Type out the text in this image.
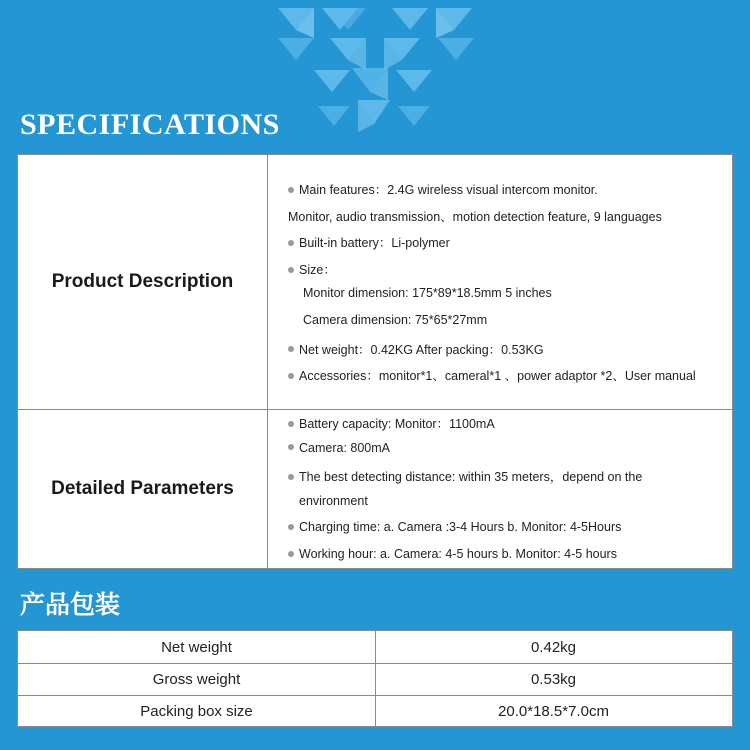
SPECIFICATIONS
Product Description
Main features：2.4G wireless visual intercom monitor.
Monitor, audio transmission、motion detection feature, 9 languages
Built-in battery：Li-polymer
Size：
Monitor dimension: 175*89*18.5mm 5 inches
Camera dimension: 75*65*27mm
Net weight：0.42KG After packing：0.53KG
Accessories：monitor*1、cameral*1 、power adaptor *2、User manual
Detailed Parameters
Battery capacity: Monitor：1100mA
Camera: 800mA
The best detecting distance: within 35 meters，depend on the
environment
Charging time: a. Camera :3-4 Hours b. Monitor: 4-5Hours
Working hour: a. Camera: 4-5 hours b. Monitor: 4-5 hours
产品包装
Net weight	0.42kg
Gross weight	0.53kg
Packing box size	20.0*18.5*7.0cm
